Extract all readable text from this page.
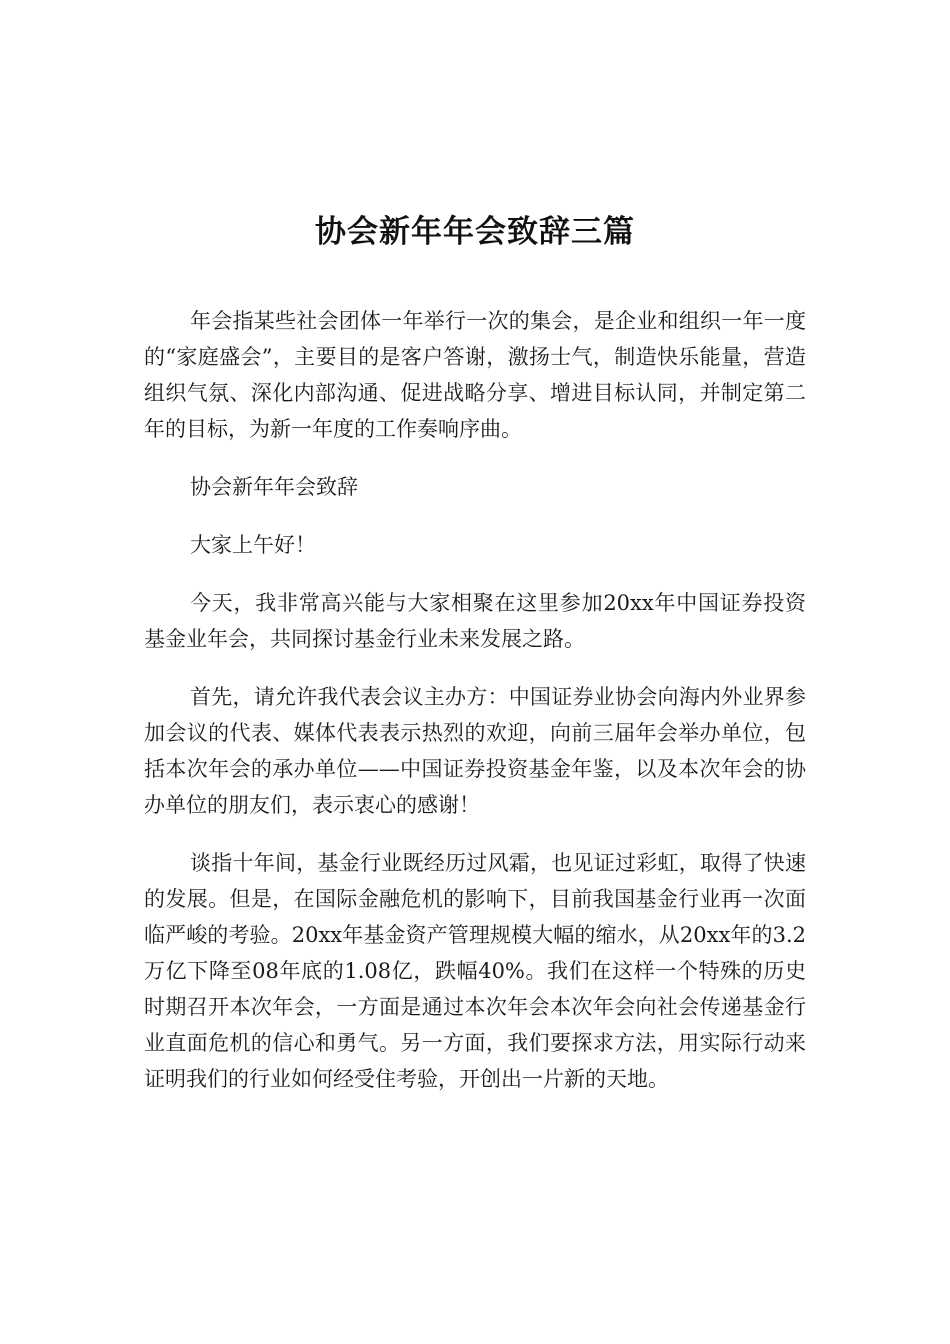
协会新年年会致辞三篇

年会指某些社会团体一年举行一次的集会，是企业和组织一年一度的“家庭盛会”，主要目的是客户答谢，激扬士气，制造快乐能量，营造组织气氛、深化内部沟通、促进战略分享、增进目标认同，并制定第二年的目标，为新一年度的工作奏响序曲。

协会新年年会致辞

大家上午好！

今天，我非常高兴能与大家相聚在这里参加20xx年中国证券投资基金业年会，共同探讨基金行业未来发展之路。

首先，请允许我代表会议主办方：中国证券业协会向海内外业界参加会议的代表、媒体代表表示热烈的欢迎，向前三届年会举办单位，包括本次年会的承办单位——中国证券投资基金年鉴，以及本次年会的协办单位的朋友们，表示衷心的感谢！

谈指十年间，基金行业既经历过风霜，也见证过彩虹，取得了快速的发展。但是，在国际金融危机的影响下，目前我国基金行业再一次面临严峻的考验。20xx年基金资产管理规模大幅的缩水，从20xx年的3.2万亿下降至08年底的1.08亿，跌幅40%。我们在这样一个特殊的历史时期召开本次年会，一方面是通过本次年会本次年会向社会传递基金行业直面危机的信心和勇气。另一方面，我们要探求方法，用实际行动来证明我们的行业如何经受住考验，开创出一片新的天地。
